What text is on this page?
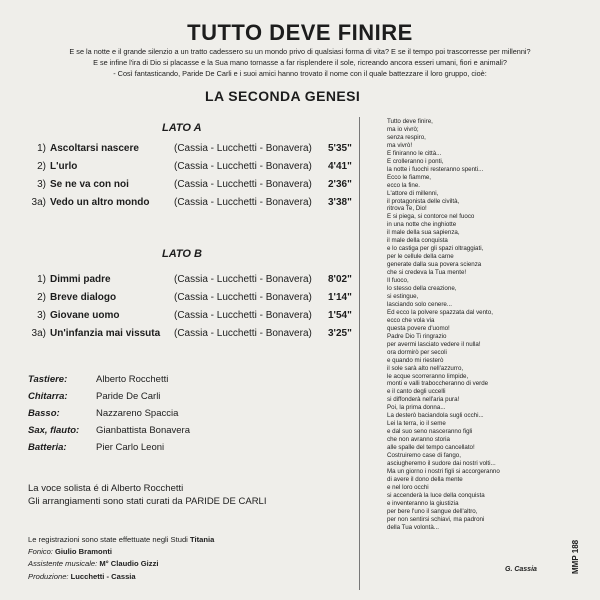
TUTTO DEVE FINIRE
E se la notte e il grande silenzio a un tratto cadessero su un mondo privo di qualsiasi forma di vita? E se il tempo poi trascorresse per millenni?
E se infine l'ira di Dio si placasse e la Sua mano tornasse a far risplendere il sole, ricreando ancora esseri umani, fiori e animali?
- Così fantasticando, Paride De Carli e i suoi amici hanno trovato il nome con il quale battezzare il loro gruppo, cioè:
LA SECONDA GENESI
LATO A
1) Ascoltarsi nascere	(Cassia - Lucchetti - Bonavera) 5'35"
2) L'urlo	(Cassia - Lucchetti - Bonavera) 4'41"
3) Se ne va con noi	(Cassia - Lucchetti - Bonavera) 2'36"
3a) Vedo un altro mondo (Cassia - Lucchetti - Bonavera) 3'38"
LATO B
1) Dimmi padre	(Cassia - Lucchetti - Bonavera) 8'02"
2) Breve dialogo	(Cassia - Lucchetti - Bonavera) 1'14"
3) Giovane uomo	(Cassia - Lucchetti - Bonavera) 1'54"
3a) Un'infanzia mai vissuta (Cassia - Lucchetti - Bonavera) 3'25"
Tastiere:	Alberto Rocchetti
Chitarra:	Paride De Carli
Basso:	Nazzareno Spaccia
Sax, flauto: Gianbattista Bonavera
Batteria:	Pier Carlo Leoni
La voce solista é di Alberto Rocchetti
Gli arrangiamenti sono stati curati da PARIDE DE CARLI
Le registrazioni sono state effettuate negli Studi Titania
Fonico: Giulio Bramonti
Assistente musicale: M° Claudio Gizzi
Produzione: Lucchetti - Cassia
Tutto deve finire,
ma io vivrò;
senza respiro,
ma vivrò!
E finiranno le città...
E crolleranno i ponti,
la notte i fuochi resteranno spenti...
Ecco le fiamme,
ecco la fine.
L'attore di millenni,
il protagonista delle civiltà,
ritrova Te, Dio!
E si piega, si contorce nel fuoco
in una notte che inghiotte
il male della sua sapienza,
il male della conquista
e lo castiga per gli spazi oltraggiati,
per le cellule della carne
generate dalla sua povera scienza
che si credeva la Tua mente!
Il fuoco,
lo stesso della creazione,
si estingue,
lasciando solo cenere...
Ed ecco la polvere spazzata dal vento,
ecco che vola via
questa povere d'uomo!
Padre Dio Ti ringrazio
per avermi lasciato vedere il nulla!
ora dormirò per secoli
e quando mi riesterò
il sole sarà alto nell'azzurro,
le acque scorreranno limpide,
monti e valli traboccheranno di verde
e il canto degli uccelli
si diffonderà nell'aria pura!
Poi, la prima donna...
La desterò baciandola sugli occhi...
Lei la terra, io il seme
e dal suo seno nasceranno figli
che non avranno storia
alle spalle del tempo cancellato!
Costruiremo case di fango,
asciugheremo il sudore dai nostri volti...
Ma un giorno i nostri figli si accorgeranno
di avere il dono della mente
e nel loro occhi
si accenderà la luce della conquista
e inventeranno la giustizia
per bere l'uno il sangue dell'altro,
per non sentirsi schiavi, ma padroni
della Tua volontà...
G. Cassia	MMP 188
